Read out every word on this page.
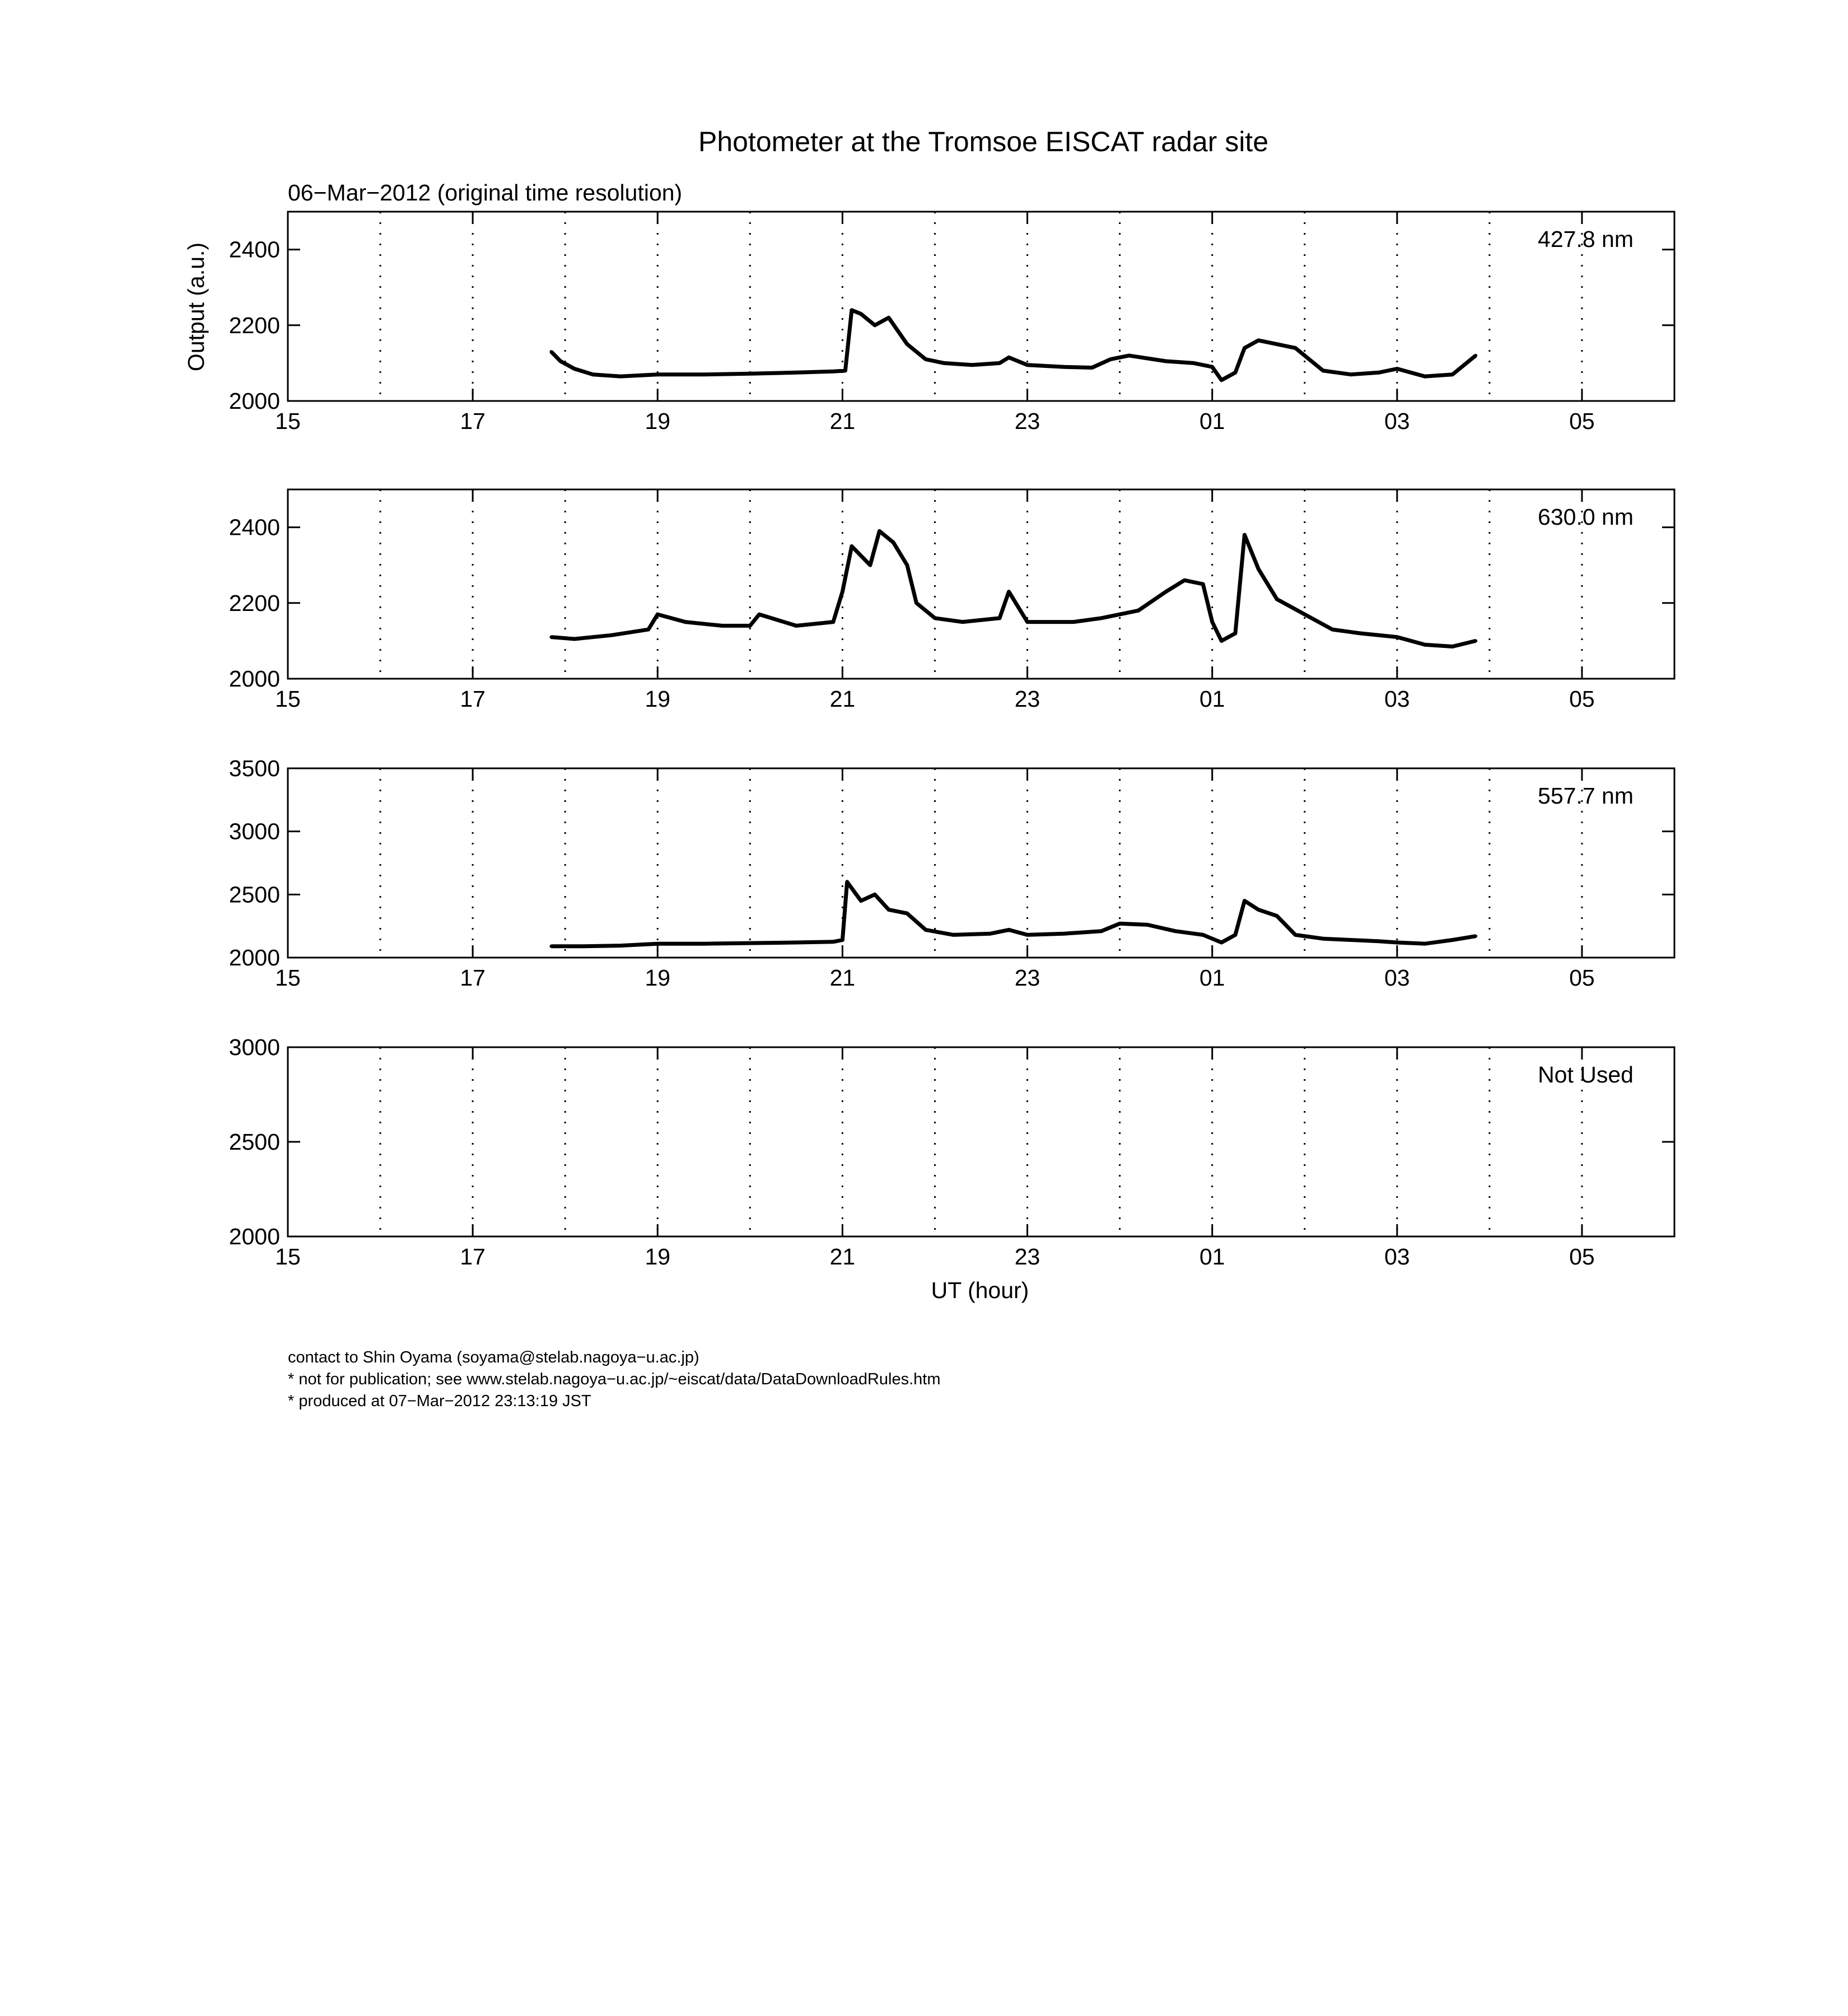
Photometer at the Tromsoe EISCAT radar site
06−Mar−2012 (original time resolution)
Output (a.u.)
UT (hour)
15	17	19	21	23	01	03	05
2000
2200
2400	427.8 nm
15	17	19	21	23	01	03	05
2000
2200
2400	630.0 nm
15	17	19	21	23	01	03	05
2000
2500
3000
3500
557.7 nm
15	17	19	21	23	01	03	05
2000
2500
3000
Not Used
contact to Shin Oyama (soyama@stelab.nagoya−u.ac.jp)
* not for publication; see www.stelab.nagoya−u.ac.jp/~eiscat/data/DataDownloadRules.htm
* produced at 07−Mar−2012 23:13:19 JST
